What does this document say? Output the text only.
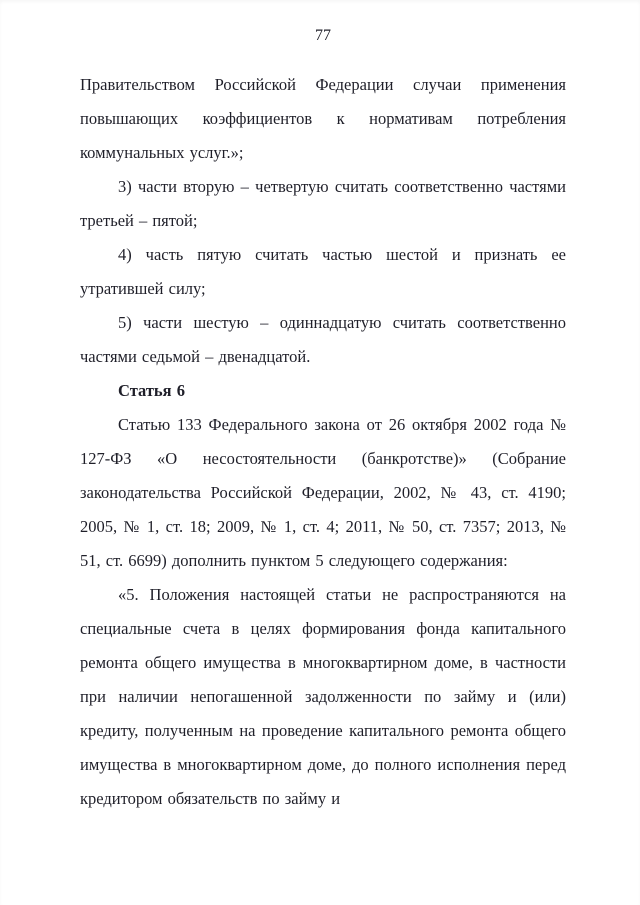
77

Правительством Российской Федерации случаи применения повышающих коэффициентов к нормативам потребления коммунальных услуг.»;

3) части вторую – четвертую считать соответственно частями третьей – пятой;

4) часть пятую считать частью шестой и признать ее утратившей силу;

5) части шестую – одиннадцатую считать соответственно частями седьмой – двенадцатой.

Статья 6

Статью 133 Федерального закона от 26 октября 2002 года № 127-ФЗ «О несостоятельности (банкротстве)» (Собрание законодательства Российской Федерации, 2002, № 43, ст. 4190; 2005, № 1, ст. 18; 2009, № 1, ст. 4; 2011, № 50, ст. 7357; 2013, № 51, ст. 6699) дополнить пунктом 5 следующего содержания:

«5. Положения настоящей статьи не распространяются на специальные счета в целях формирования фонда капитального ремонта общего имущества в многоквартирном доме, в частности при наличии непогашенной задолженности по займу и (или) кредиту, полученным на проведение капитального ремонта общего имущества в многоквартирном доме, до полного исполнения перед кредитором обязательств по займу и
